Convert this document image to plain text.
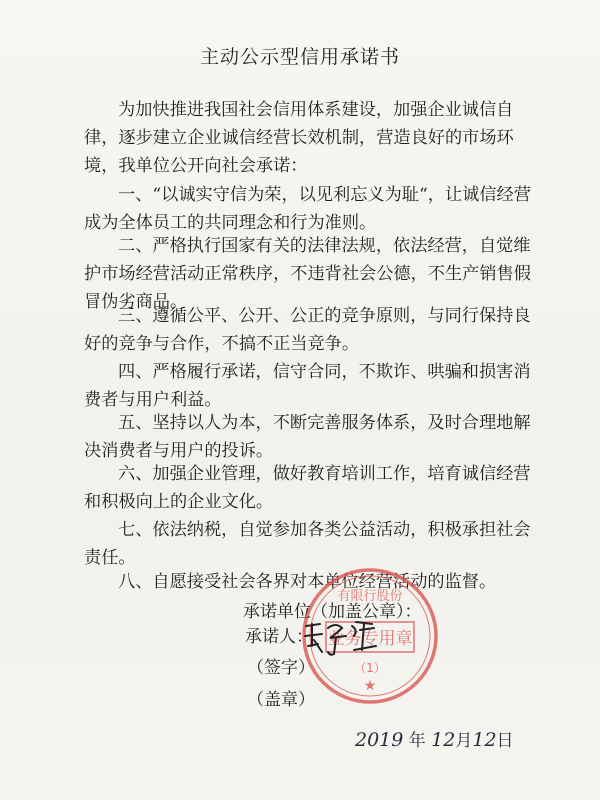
主动公示型信用承诺书

为加快推进我国社会信用体系建设，加强企业诚信自律，逐步建立企业诚信经营长效机制，营造良好的市场环境，我单位公开向社会承诺：

一、“以诚实守信为荣，以见利忘义为耻“，让诚信经营成为全体员工的共同理念和行为准则。

二、严格执行国家有关的法律法规，依法经营，自觉维护市场经营活动正常秩序，不违背社会公德，不生产销售假冒伪劣商品。

三、遵循公平、公开、公正的竞争原则，与同行保持良好的竞争与合作，不搞不正当竞争。

四、严格履行承诺，信守合同，不欺诈、哄骗和损害消费者与用户利益。

五、坚持以人为本，不断完善服务体系，及时合理地解决消费者与用户的投诉。

六、加强企业管理，做好教育培训工作，培育诚信经营和积极向上的企业文化。

七、依法纳税，自觉参加各类公益活动，积极承担社会责任。

八、自愿接受社会各界对本单位经营活动的监督。

有限行股份
业务专用章
（1）
★
承诺单位（加盖公章）：
承诺人：
（签字）
（盖章）
2019 年 12月12日
